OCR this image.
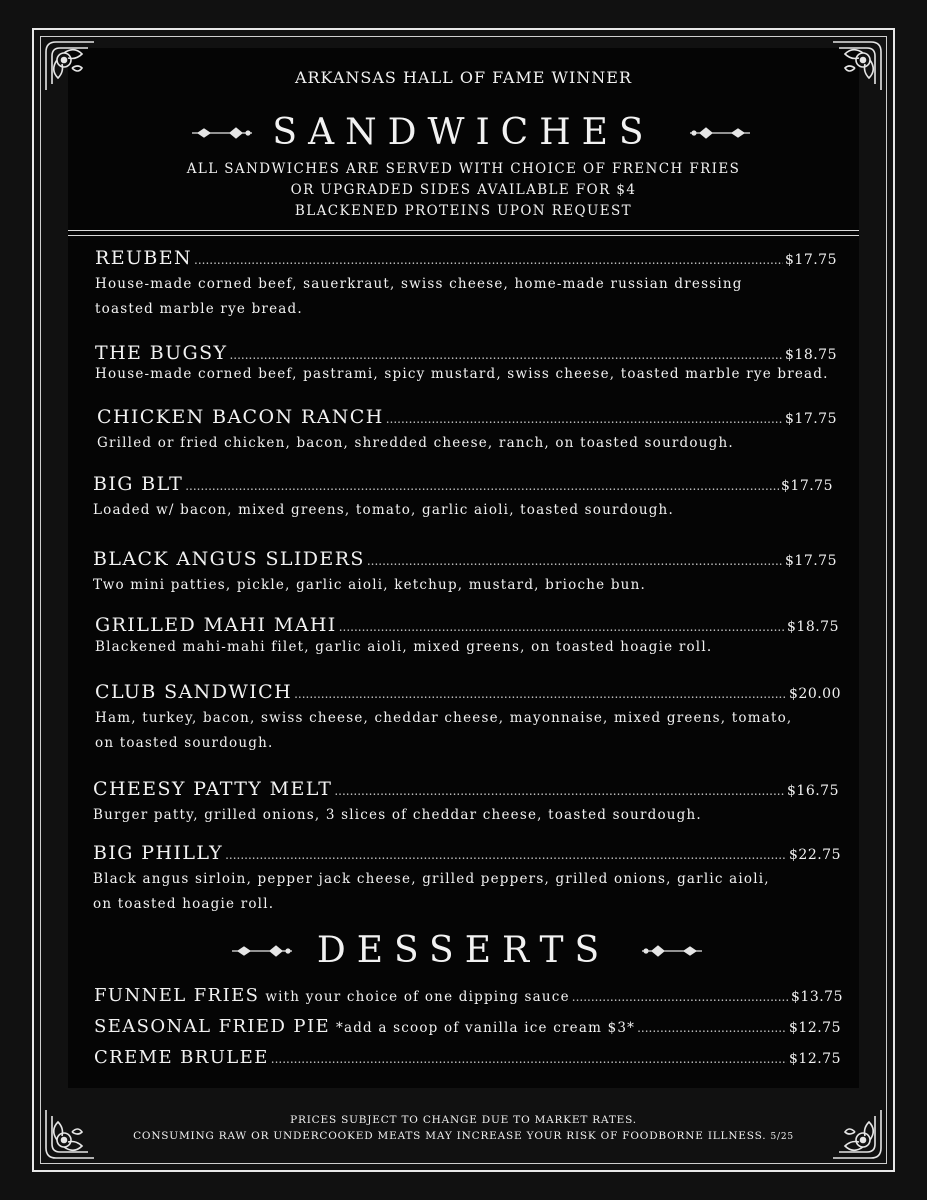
ARKANSAS HALL OF FAME WINNER
SANDWICHES
ALL SANDWICHES ARE SERVED WITH CHOICE OF FRENCH FRIES
OR UPGRADED SIDES AVAILABLE FOR $4
BLACKENED PROTEINS UPON REQUEST
REUBEN .....	$17.75
House-made corned beef, sauerkraut, swiss cheese, home-made russian dressing
toasted marble rye bread.
THE BUGSY .....	$18.75
House-made corned beef, pastrami, spicy mustard, swiss cheese, toasted marble rye bread.
CHICKEN BACON RANCH .....	$17.75
Grilled or fried chicken, bacon, shredded cheese, ranch, on toasted sourdough.
BIG BLT .....	$17.75
Loaded w/ bacon, mixed greens, tomato, garlic aioli, toasted sourdough.
BLACK ANGUS SLIDERS .....	$17.75
Two mini patties, pickle, garlic aioli, ketchup, mustard, brioche bun.
GRILLED MAHI MAHI .....	$18.75
Blackened mahi-mahi filet, garlic aioli, mixed greens, on toasted hoagie roll.
CLUB SANDWICH .....	$20.00
Ham, turkey, bacon, swiss cheese, cheddar cheese, mayonnaise, mixed greens, tomato,
on toasted sourdough.
CHEESY PATTY MELT .....	$16.75
Burger patty, grilled onions, 3 slices of cheddar cheese, toasted sourdough.
BIG PHILLY .....	$22.75
Black angus sirloin, pepper jack cheese, grilled peppers, grilled onions, garlic aioli,
on toasted hoagie roll.
DESSERTS
FUNNEL FRIES with your choice of one dipping sauce .....	$13.75
SEASONAL FRIED PIE *add a scoop of vanilla ice cream $3* .....	$12.75
CREME BRULEE .....	$12.75
PRICES SUBJECT TO CHANGE DUE TO MARKET RATES.
CONSUMING RAW OR UNDERCOOKED MEATS MAY INCREASE YOUR RISK OF FOODBORNE ILLNESS. 5/25
